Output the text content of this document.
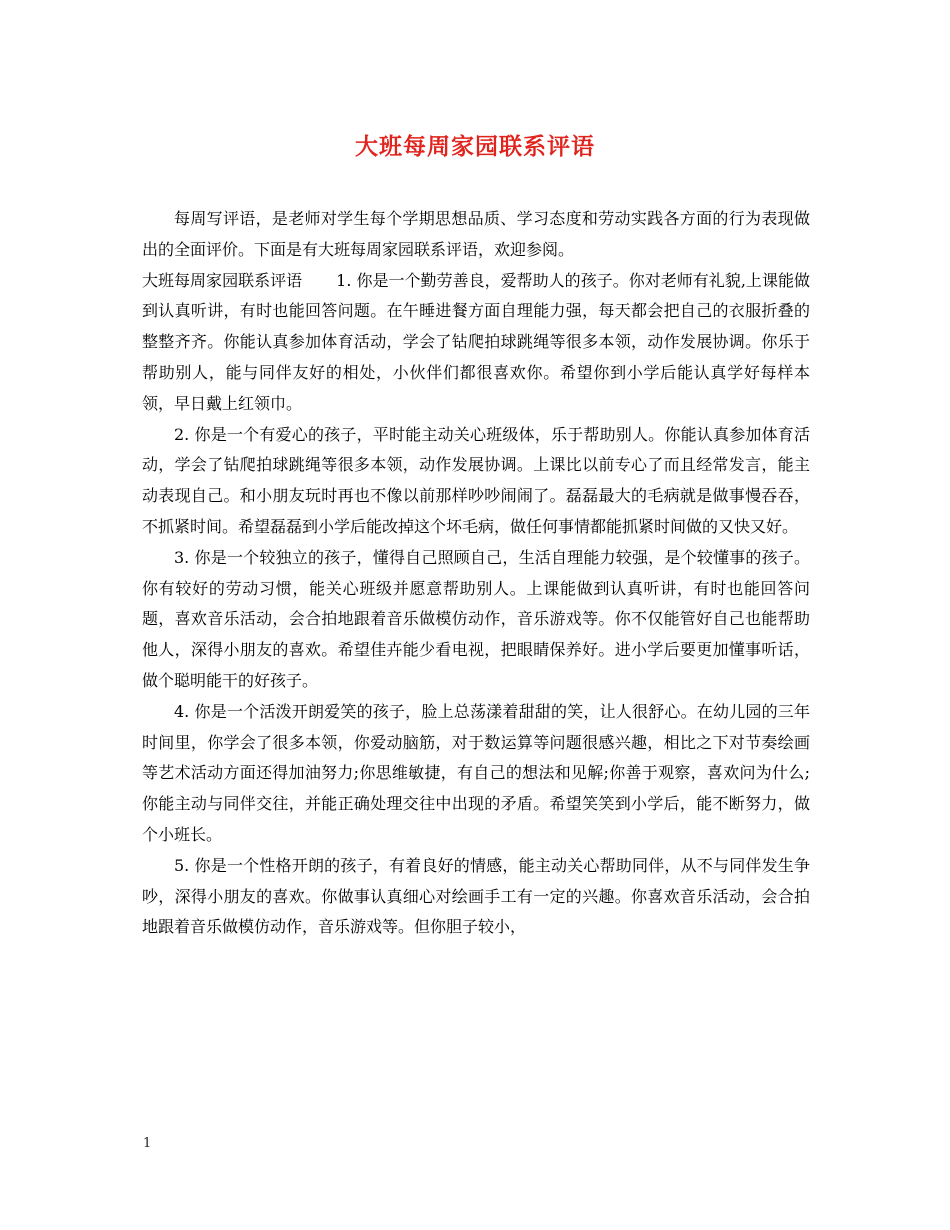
大班每周家园联系评语

每周写评语，是老师对学生每个学期思想品质、学习态度和劳动实践各方面的行为表现做出的全面评价。下面是有大班每周家园联系评语，欢迎参阅。

大班每周家园联系评语 1. 你是一个勤劳善良，爱帮助人的孩子。你对老师有礼貌,上课能做到认真听讲，有时也能回答问题。在午睡进餐方面自理能力强，每天都会把自己的衣服折叠的整整齐齐。你能认真参加体育活动，学会了钻爬拍球跳绳等很多本领，动作发展协调。你乐于帮助别人，能与同伴友好的相处，小伙伴们都很喜欢你。希望你到小学后能认真学好每样本领，早日戴上红领巾。

2. 你是一个有爱心的孩子，平时能主动关心班级体，乐于帮助别人。你能认真参加体育活动，学会了钻爬拍球跳绳等很多本领，动作发展协调。上课比以前专心了而且经常发言，能主动表现自己。和小朋友玩时再也不像以前那样吵吵闹闹了。磊磊最大的毛病就是做事慢吞吞，不抓紧时间。希望磊磊到小学后能改掉这个坏毛病，做任何事情都能抓紧时间做的又快又好。

3. 你是一个较独立的孩子，懂得自己照顾自己，生活自理能力较强，是个较懂事的孩子。你有较好的劳动习惯，能关心班级并愿意帮助别人。上课能做到认真听讲，有时也能回答问题，喜欢音乐活动，会合拍地跟着音乐做模仿动作，音乐游戏等。你不仅能管好自己也能帮助他人，深得小朋友的喜欢。希望佳卉能少看电视，把眼睛保养好。进小学后要更加懂事听话，做个聪明能干的好孩子。

4. 你是一个活泼开朗爱笑的孩子，脸上总荡漾着甜甜的笑，让人很舒心。在幼儿园的三年时间里，你学会了很多本领，你爱动脑筋，对于数运算等问题很感兴趣，相比之下对节奏绘画等艺术活动方面还得加油努力;你思维敏捷，有自己的想法和见解;你善于观察，喜欢问为什么;你能主动与同伴交往，并能正确处理交往中出现的矛盾。希望笑笑到小学后，能不断努力，做个小班长。

5. 你是一个性格开朗的孩子，有着良好的情感，能主动关心帮助同伴，从不与同伴发生争吵，深得小朋友的喜欢。你做事认真细心对绘画手工有一定的兴趣。你喜欢音乐活动，会合拍地跟着音乐做模仿动作，音乐游戏等。但你胆子较小，

1
